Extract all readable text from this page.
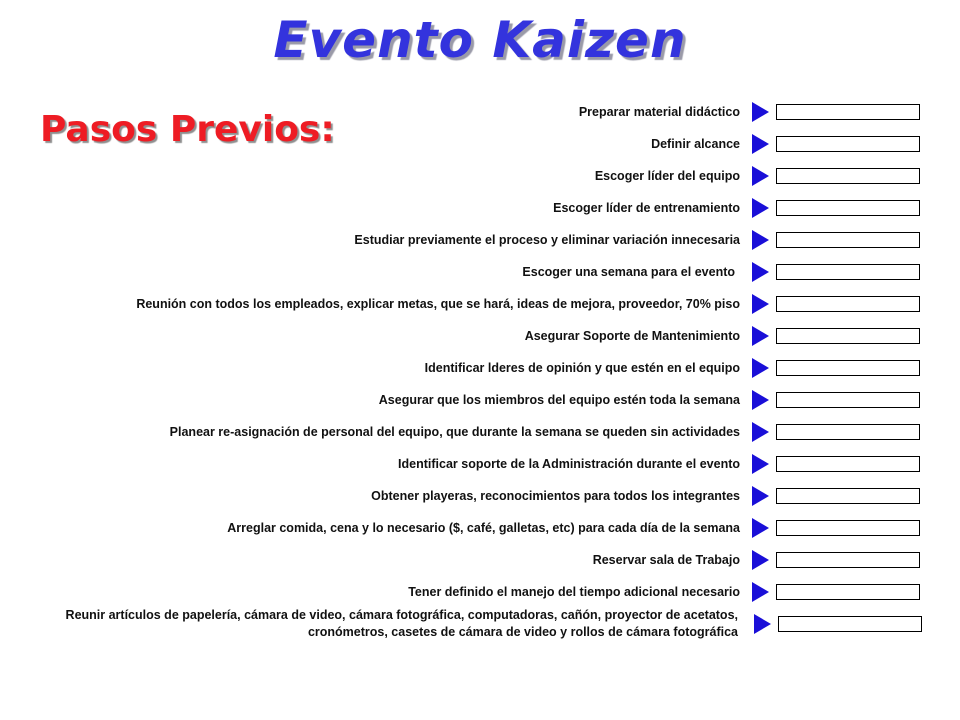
Evento Kaizen
Pasos Previos:	Preparar material didáctico
Definir alcance
Escoger líder del equipo
Escoger líder de entrenamiento
Estudiar previamente el proceso y eliminar variación innecesaria
Escoger una semana para el evento
Reunión con todos los empleados, explicar metas, que se hará, ideas de mejora, proveedor, 70% piso
Asegurar Soporte de Mantenimiento
Identificar lderes de opinión y que estén en el equipo
Asegurar que los miembros del equipo estén toda la semana
Planear re-asignación de personal del equipo, que durante la semana se queden sin actividades
Identificar soporte de la Administración durante el evento
Obtener playeras, reconocimientos para todos los integrantes
Arreglar comida, cena y lo necesario ($, café, galletas, etc) para cada día de la semana
Reservar sala de Trabajo
Tener definido el manejo del tiempo adicional necesario
Reunir artículos de papelería, cámara de video, cámara fotográfica, computadoras, cañón, proyector de acetatos, cronómetros, casetes de cámara de video y rollos de cámara fotográfica
